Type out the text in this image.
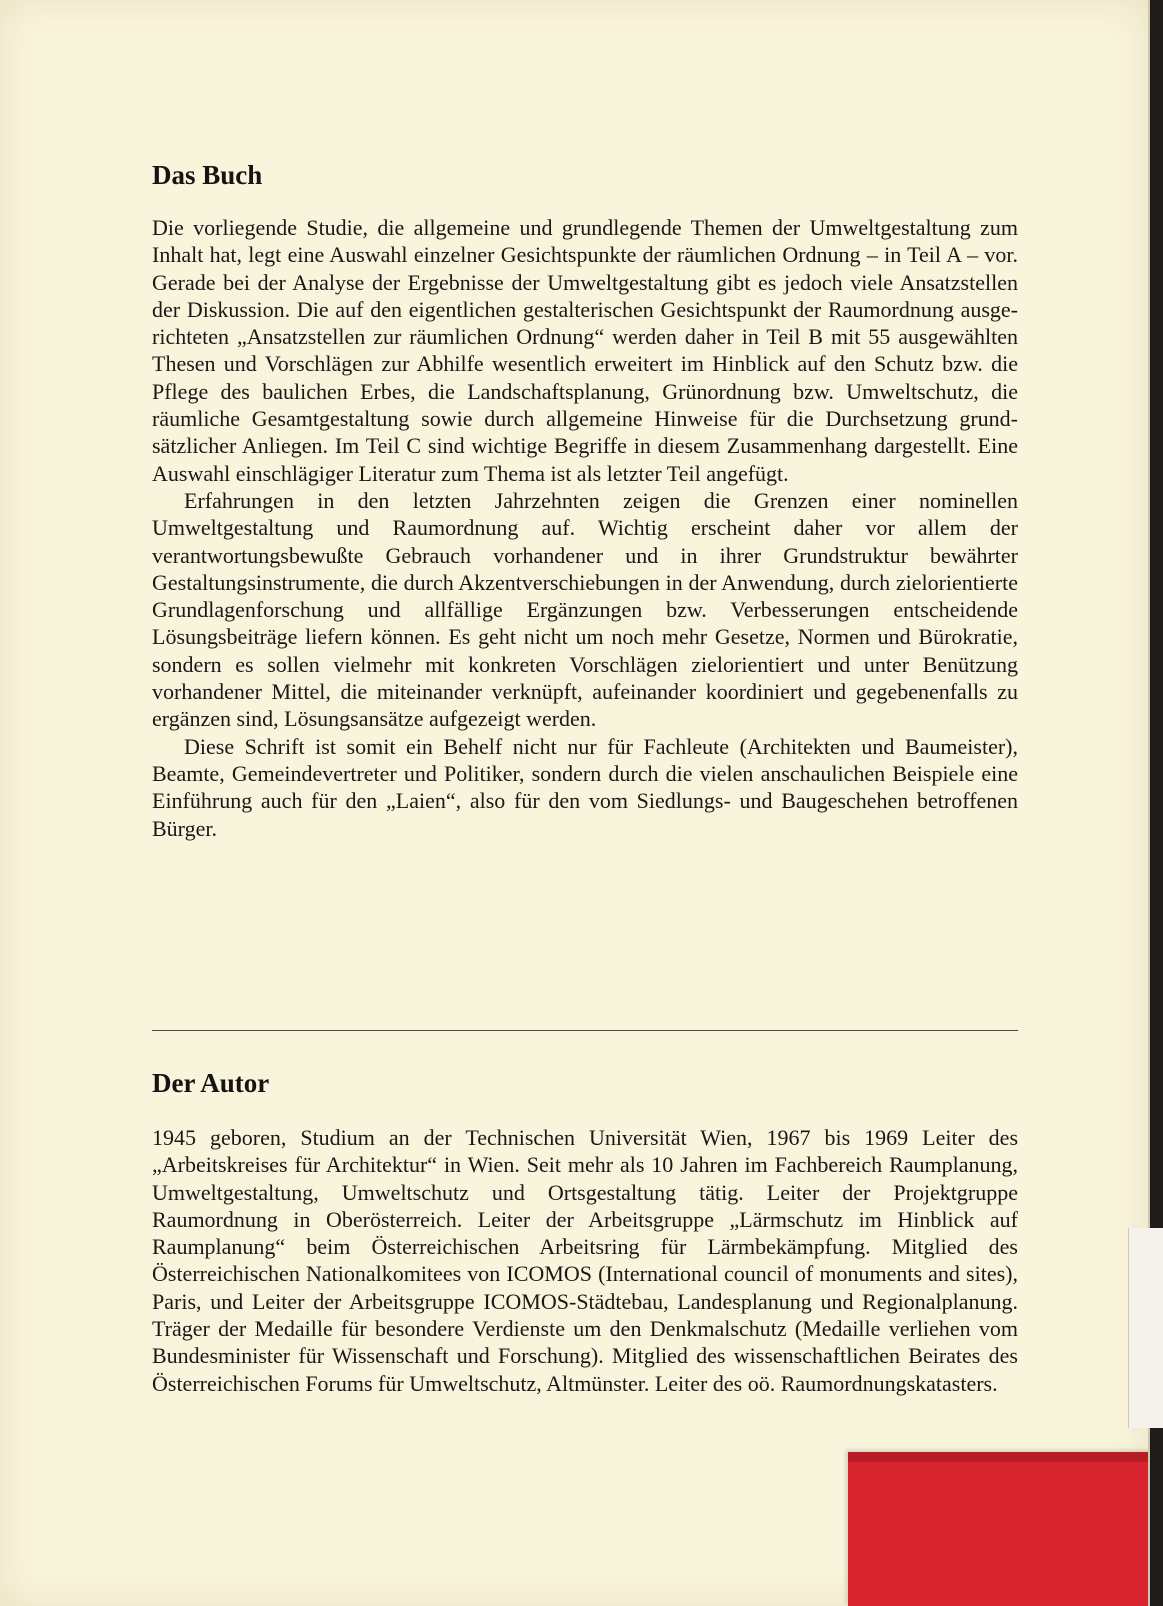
Das Buch

Die vorliegende Studie, die allgemeine und grundlegende Themen der Umweltgestaltung zum Inhalt hat, legt eine Auswahl einzelner Gesichtspunkte der räumlichen Ordnung – in Teil A – vor. Gerade bei der Analyse der Ergebnisse der Umweltgestaltung gibt es jedoch viele Ansatzstellen der Diskussion. Die auf den eigentlichen gestalterischen Gesichtspunkt der Raumordnung ausgerichteten „Ansatzstellen zur räumlichen Ordnung“ werden daher in Teil B mit 55 ausgewählten Thesen und Vorschlägen zur Abhilfe wesentlich erweitert im Hinblick auf den Schutz bzw. die Pflege des baulichen Erbes, die Landschaftsplanung, Grünordnung bzw. Umweltschutz, die räumliche Gesamtgestaltung sowie durch allgemeine Hinweise für die Durchsetzung grundsätzlicher Anliegen. Im Teil C sind wichtige Begriffe in diesem Zusammenhang dargestellt. Eine Auswahl einschlägiger Literatur zum Thema ist als letzter Teil angefügt.

Erfahrungen in den letzten Jahrzehnten zeigen die Grenzen einer nominellen Umweltgestaltung und Raumordnung auf. Wichtig erscheint daher vor allem der verantwortungsbewußte Gebrauch vorhandener und in ihrer Grundstruktur bewährter Gestaltungsinstrumente, die durch Akzentverschiebungen in der Anwendung, durch zielorientierte Grundlagenforschung und allfällige Ergänzungen bzw. Verbesserungen entscheidende Lösungsbeiträge liefern können. Es geht nicht um noch mehr Gesetze, Normen und Bürokratie, sondern es sollen vielmehr mit konkreten Vorschlägen zielorientiert und unter Benützung vorhandener Mittel, die miteinander verknüpft, aufeinander koordiniert und gegebenenfalls zu ergänzen sind, Lösungsansätze aufgezeigt werden.

Diese Schrift ist somit ein Behelf nicht nur für Fachleute (Architekten und Baumeister), Beamte, Gemeindevertreter und Politiker, sondern durch die vielen anschaulichen Beispiele eine Einführung auch für den „Laien“, also für den vom Siedlungs- und Baugeschehen betroffenen Bürger.

Der Autor

1945 geboren, Studium an der Technischen Universität Wien, 1967 bis 1969 Leiter des „Arbeitskreises für Architektur“ in Wien. Seit mehr als 10 Jahren im Fachbereich Raumplanung, Umweltgestaltung, Umweltschutz und Ortsgestaltung tätig. Leiter der Projektgruppe Raumordnung in Oberösterreich. Leiter der Arbeitsgruppe „Lärmschutz im Hinblick auf Raumplanung“ beim Österreichischen Arbeitsring für Lärmbekämpfung. Mitglied des Österreichischen Nationalkomitees von ICOMOS (International council of monuments and sites), Paris, und Leiter der Arbeitsgruppe ICOMOS-Städtebau, Landesplanung und Regionalplanung. Träger der Medaille für besondere Verdienste um den Denkmalschutz (Medaille verliehen vom Bundesminister für Wissenschaft und Forschung). Mitglied des wissenschaftlichen Beirates des Österreichischen Forums für Umweltschutz, Altmünster. Leiter des oö. Raumordnungskatasters.
